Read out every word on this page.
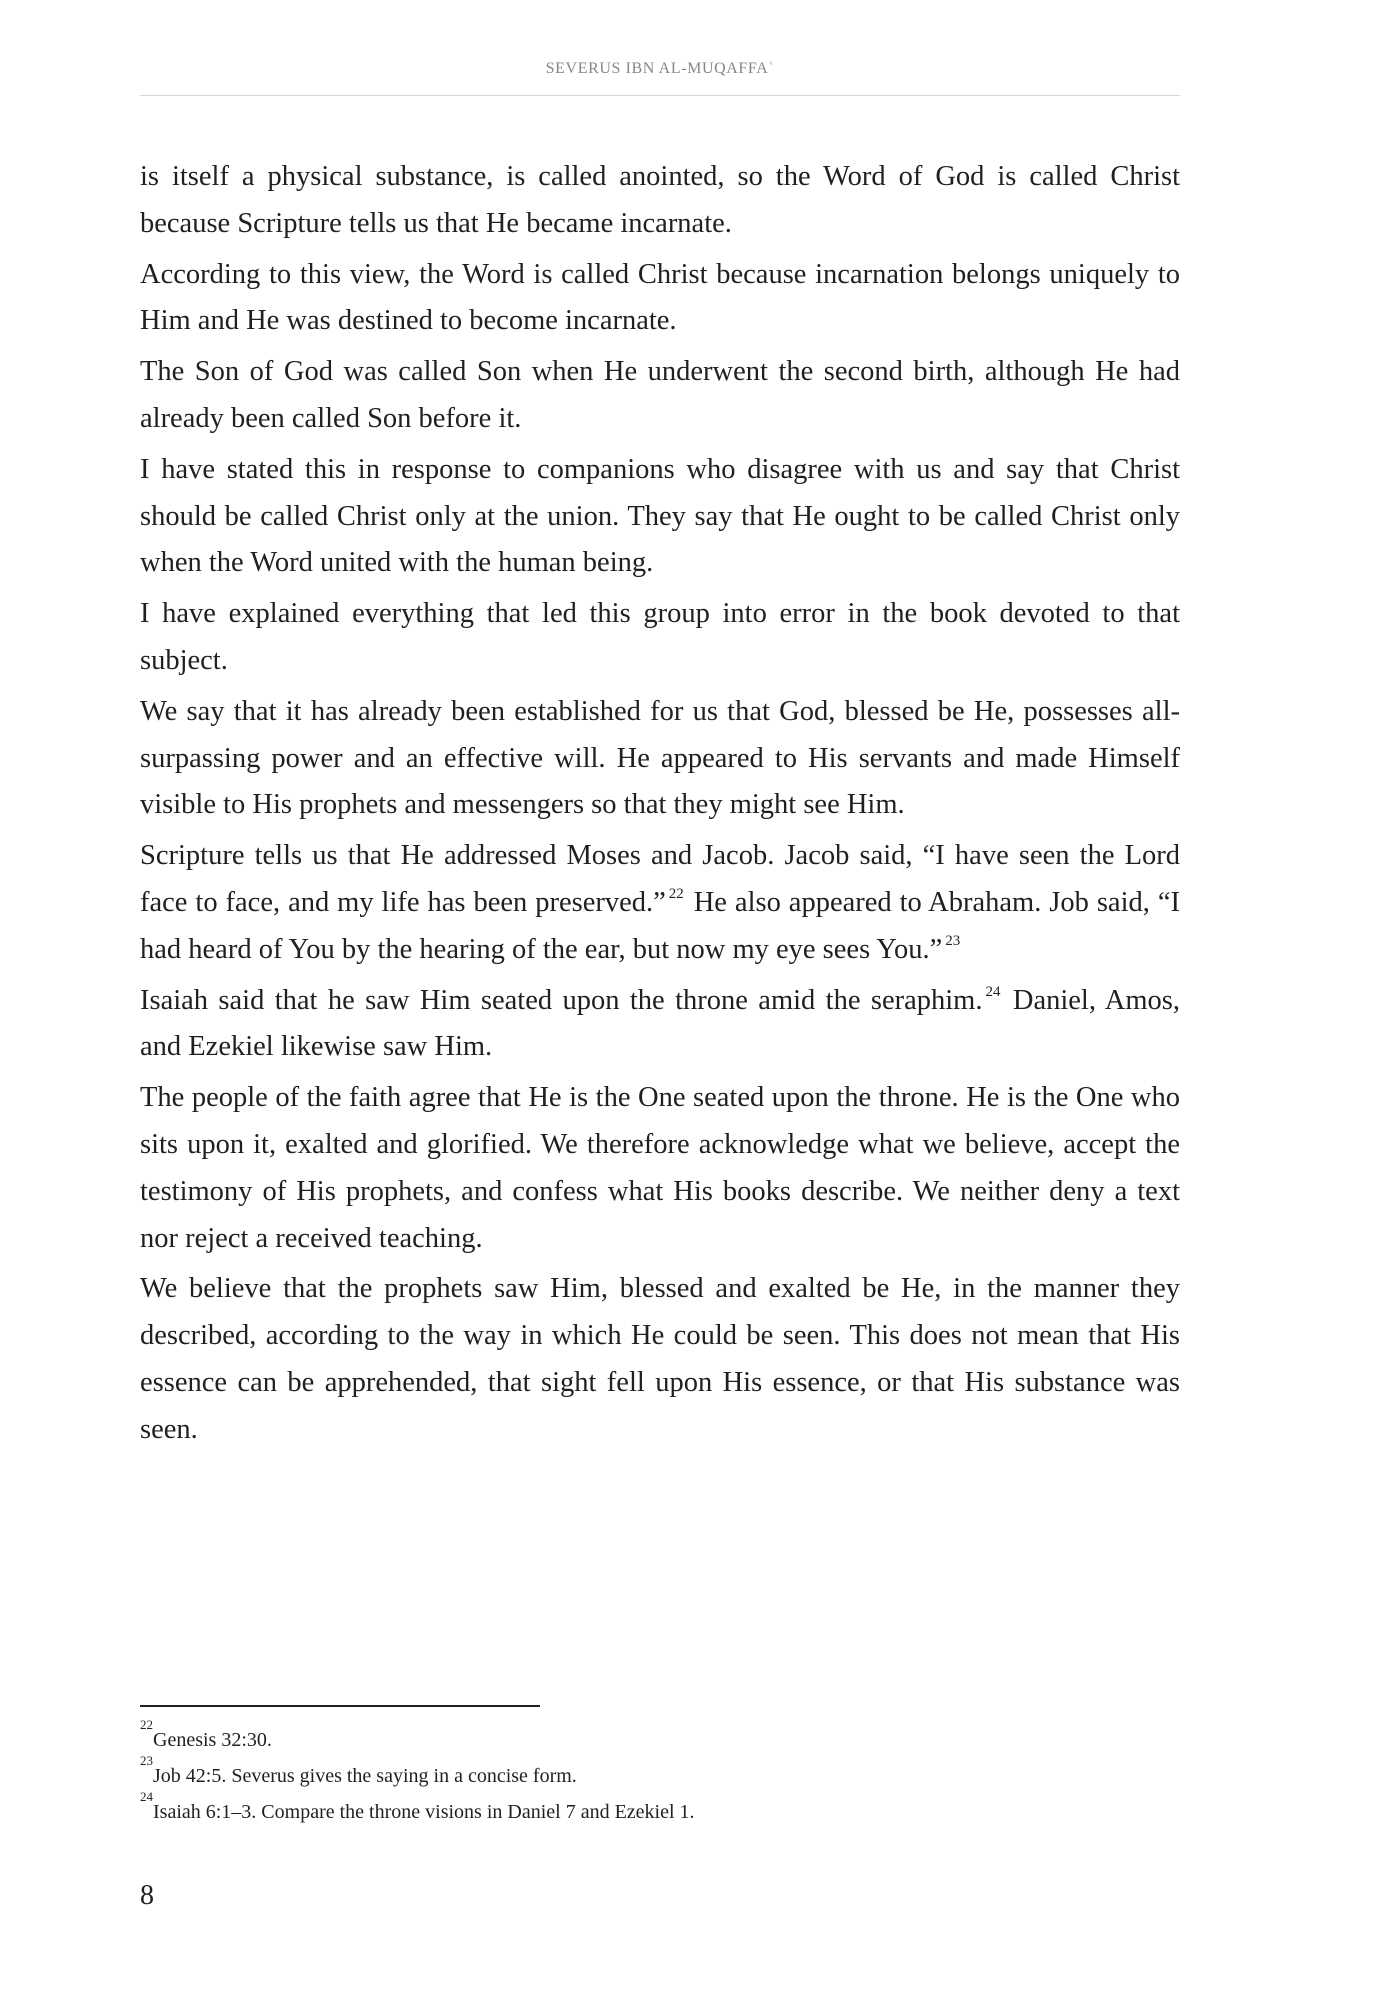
SEVERUS IBN AL-MUQAFFAʿ

is itself a physical substance, is called anointed, so the Word of God is called Christ because Scripture tells us that He became incarnate.

According to this view, the Word is called Christ because incarnation belongs uniquely to Him and He was destined to become incarnate.

The Son of God was called Son when He underwent the second birth, although He had already been called Son before it.

I have stated this in response to companions who disagree with us and say that Christ should be called Christ only at the union. They say that He ought to be called Christ only when the Word united with the human being.

I have explained everything that led this group into error in the book devoted to that subject.

We say that it has already been established for us that God, blessed be He, possesses all-surpassing power and an effective will. He appeared to His servants and made Himself visible to His prophets and messengers so that they might see Him.

Scripture tells us that He addressed Moses and Jacob. Jacob said, “I have seen the Lord face to face, and my life has been preserved.” $^{22}$ He also appeared to Abraham. Job said, “I had heard of You by the hearing of the ear, but now my eye sees You.” $^{23}$

Isaiah said that he saw Him seated upon the throne amid the seraphim. $^{24}$ Daniel, Amos, and Ezekiel likewise saw Him.

The people of the faith agree that He is the One seated upon the throne. He is the One who sits upon it, exalted and glorified. We therefore acknowledge what we believe, accept the testimony of His prophets, and confess what His books describe. We neither deny a text nor reject a received teaching.

We believe that the prophets saw Him, blessed and exalted be He, in the manner they described, according to the way in which He could be seen. This does not mean that His essence can be apprehended, that sight fell upon His essence, or that His substance was seen.

$^{22}$Genesis 32:30.

$^{23}$Job 42:5. Severus gives the saying in a concise form.

$^{24}$Isaiah 6:1–3. Compare the throne visions in Daniel 7 and Ezekiel 1.

8
